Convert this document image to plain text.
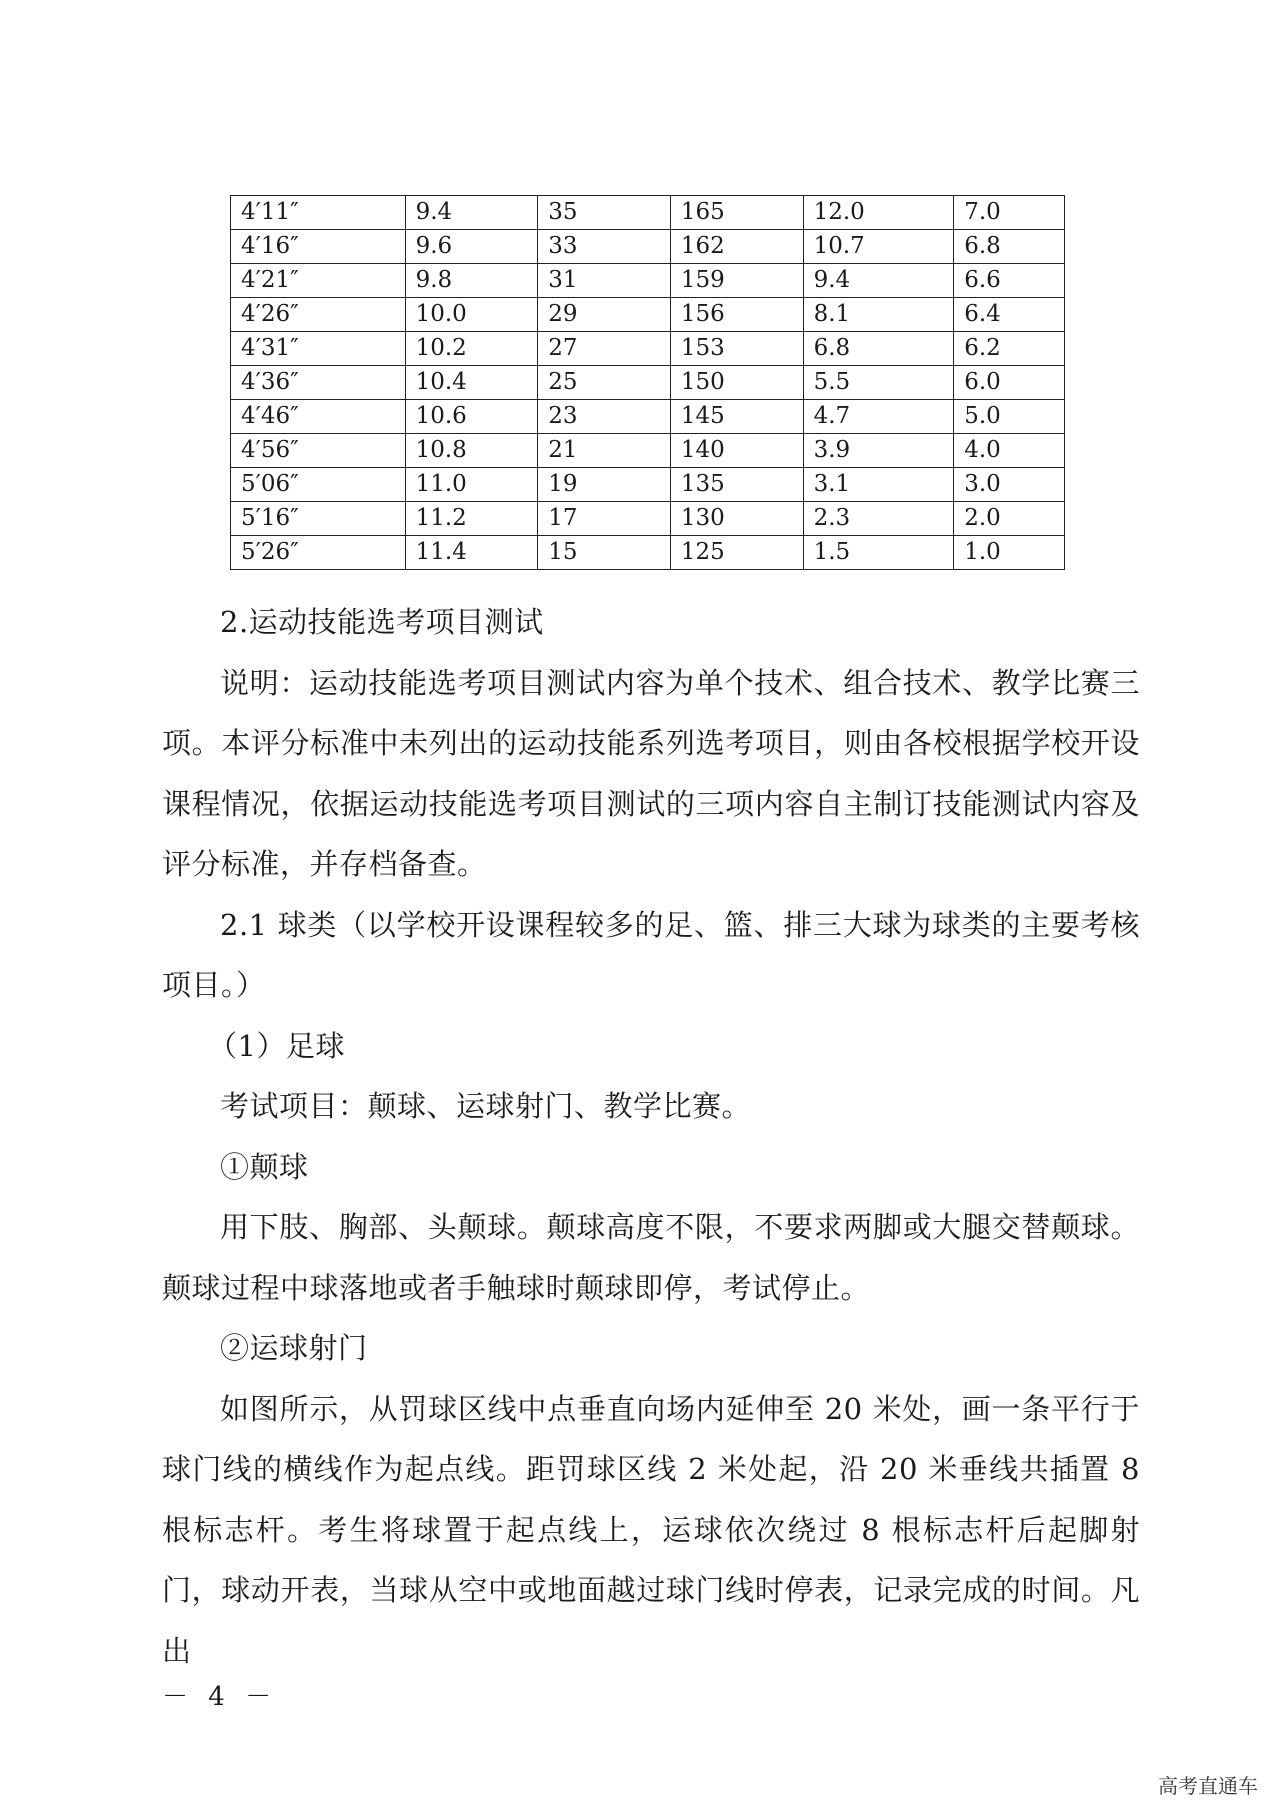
4′11″	9.4	35	165	12.0	7.0
4′16″	9.6	33	162	10.7	6.8
4′21″	9.8	31	159	9.4	6.6
4′26″	10.0	29	156	8.1	6.4
4′31″	10.2	27	153	6.8	6.2
4′36″	10.4	25	150	5.5	6.0
4′46″	10.6	23	145	4.7	5.0
4′56″	10.8	21	140	3.9	4.0
5′06″	11.0	19	135	3.1	3.0
5′16″	11.2	17	130	2.3	2.0
5′26″	11.4	15	125	1.5	1.0

2.运动技能选考项目测试

说明：运动技能选考项目测试内容为单个技术、组合技术、教学比赛三项。本评分标准中未列出的运动技能系列选考项目，则由各校根据学校开设课程情况，依据运动技能选考项目测试的三项内容自主制订技能测试内容及评分标准，并存档备查。

2.1 球类（以学校开设课程较多的足、篮、排三大球为球类的主要考核项目。）

（1）足球

考试项目：颠球、运球射门、教学比赛。

①颠球

用下肢、胸部、头颠球。颠球高度不限，不要求两脚或大腿交替颠球。颠球过程中球落地或者手触球时颠球即停，考试停止。

②运球射门

如图所示，从罚球区线中点垂直向场内延伸至 20 米处，画一条平行于球门线的横线作为起点线。距罚球区线 2 米处起，沿 20 米垂线共插置 8 根标志杆。考生将球置于起点线上，运球依次绕过 8 根标志杆后起脚射门，球动开表，当球从空中或地面越过球门线时停表，记录完成的时间。凡出

－ 4 －
高考直通车
